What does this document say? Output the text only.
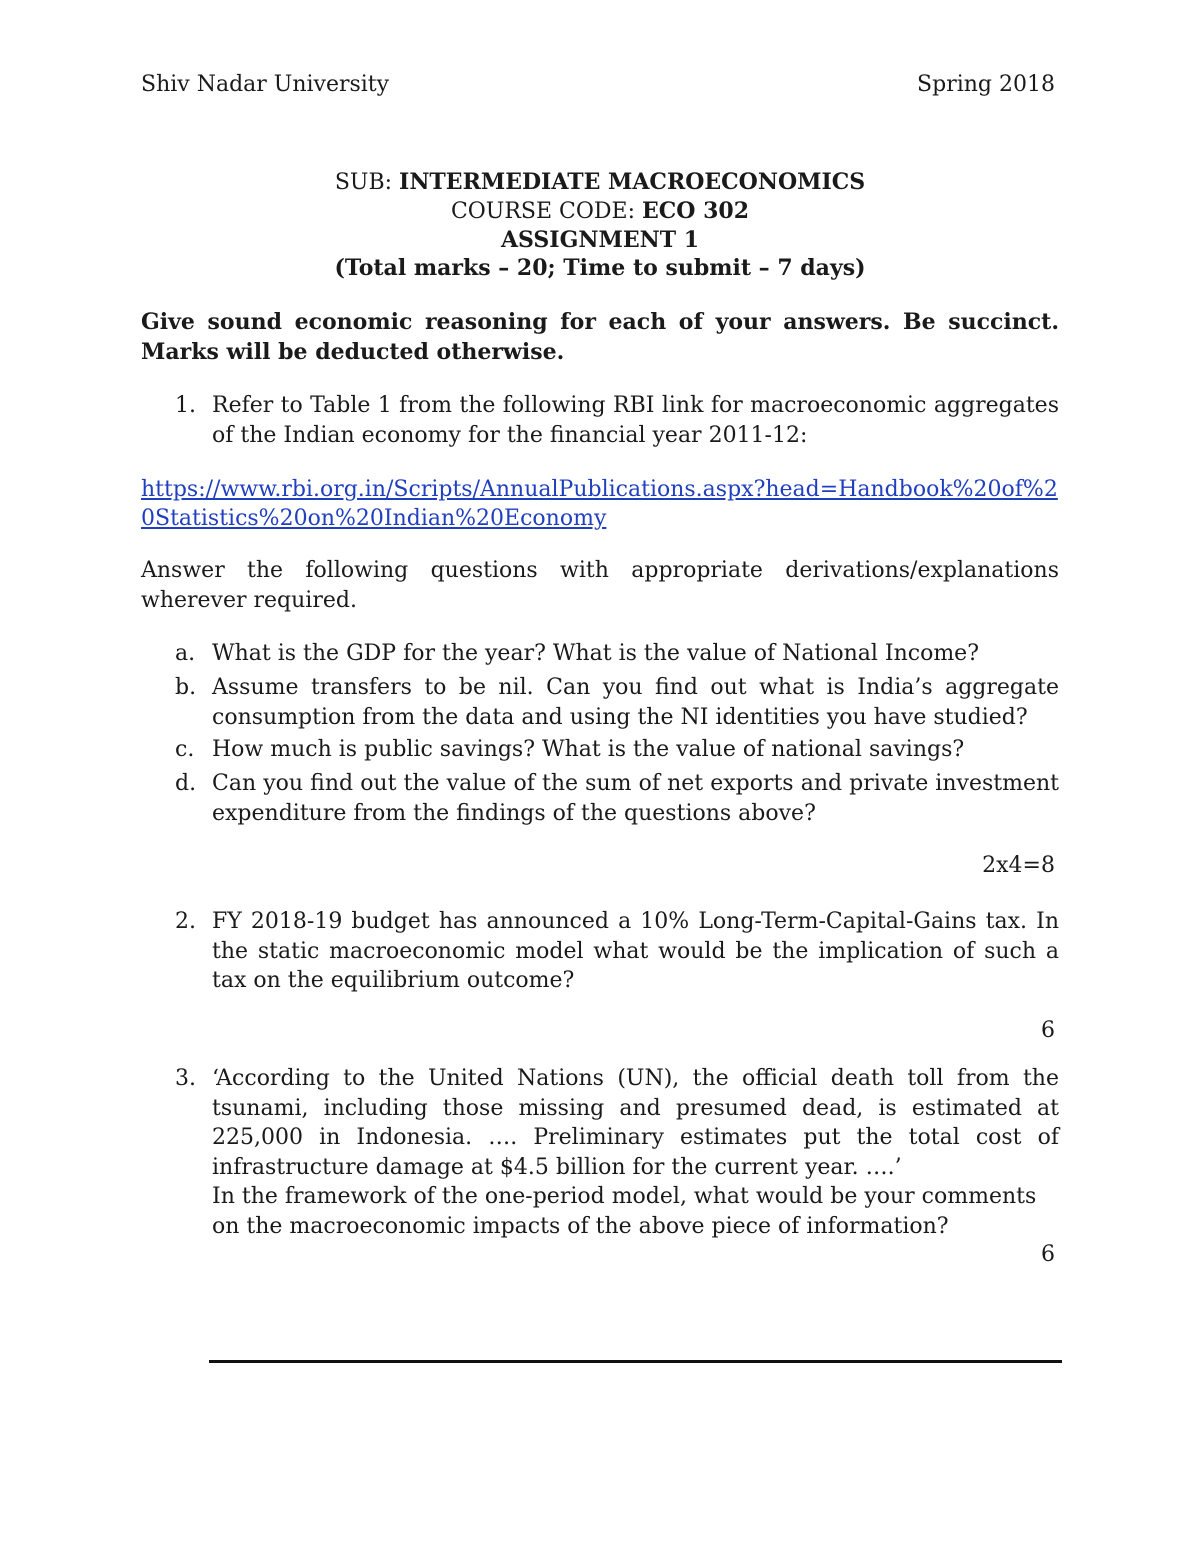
Shiv Nadar University	Spring 2018
SUB: INTERMEDIATE MACROECONOMICS
COURSE CODE: ECO 302
ASSIGNMENT 1
(Total marks – 20; Time to submit – 7 days)
Give sound economic reasoning for each of your answers. Be succinct. Marks will be deducted otherwise.
1. Refer to Table 1 from the following RBI link for macroeconomic aggregates of the Indian economy for the financial year 2011-12:
https://www.rbi.org.in/Scripts/AnnualPublications.aspx?head=Handbook%20of%20Statistics%20on%20Indian%20Economy
Answer the following questions with appropriate derivations/explanations wherever required.
a. What is the GDP for the year? What is the value of National Income?
b. Assume transfers to be nil. Can you find out what is India’s aggregate consumption from the data and using the NI identities you have studied?
c. How much is public savings? What is the value of national savings?
d. Can you find out the value of the sum of net exports and private investment expenditure from the findings of the questions above?
2x4=8
2. FY 2018-19 budget has announced a 10% Long-Term-Capital-Gains tax. In the static macroeconomic model what would be the implication of such a tax on the equilibrium outcome?
6
3. ‘According to the United Nations (UN), the official death toll from the tsunami, including those missing and presumed dead, is estimated at 225,000 in Indonesia. …. Preliminary estimates put the total cost of infrastructure damage at $4.5 billion for the current year. ….’
In the framework of the one-period model, what would be your comments on the macroeconomic impacts of the above piece of information?
6
